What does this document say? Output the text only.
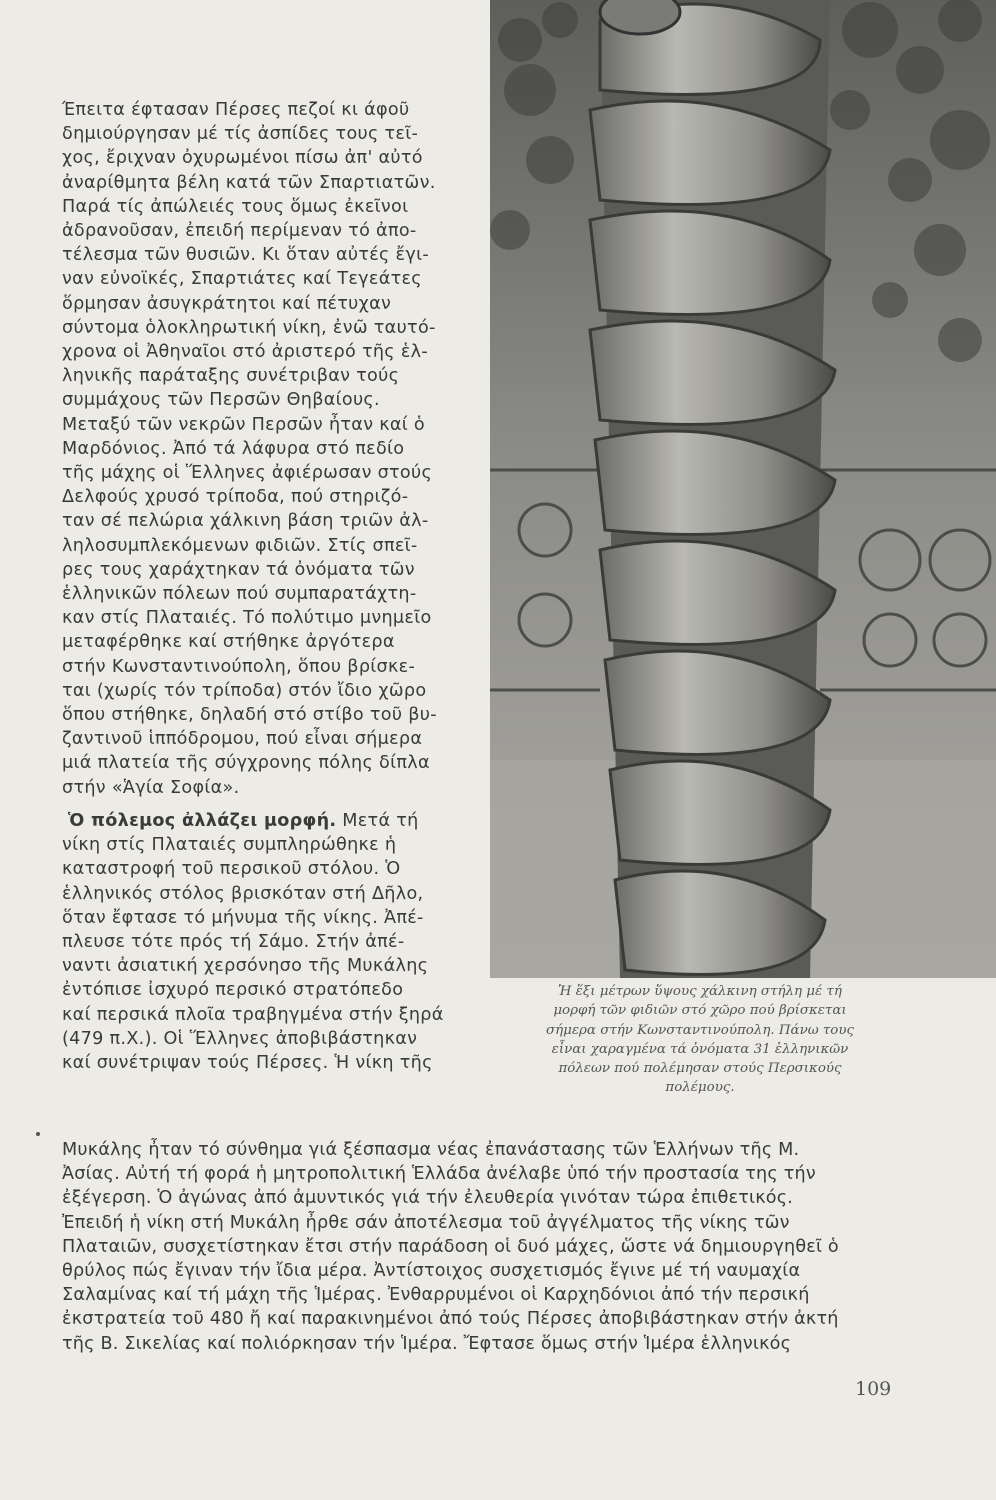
Έπειτα έφτασαν Πέρσες πεζοί κι άφοῦ
δημιούργησαν μέ τίς ἀσπίδες τους τεῖ-
χος, ἔριχναν ὀχυρωμένοι πίσω ἀπ' αὐτό
ἀναρίθμητα βέλη κατά τῶν Σπαρτιατῶν.
Παρά τίς ἀπώλειές τους ὅμως ἐκεῖνοι
ἀδρανοῦσαν, ἐπειδή περίμεναν τό ἀπο-
τέλεσμα τῶν θυσιῶν. Κι ὅταν αὐτές ἔγι-
ναν εὐνοϊκές, Σπαρτιάτες καί Τεγεάτες
ὅρμησαν ἀσυγκράτητοι καί πέτυχαν
σύντομα ὁλοκληρωτική νίκη, ἐνῶ ταυτό-
χρονα οἱ Ἀθηναῖοι στό ἀριστερό τῆς ἑλ-
ληνικῆς παράταξης συνέτριβαν τούς
συμμάχους τῶν Περσῶν Θηβαίους.
Μεταξύ τῶν νεκρῶν Περσῶν ἦταν καί ὁ
Μαρδόνιος. Ἀπό τά λάφυρα στό πεδίο
τῆς μάχης οἱ Ἕλληνες ἀφιέρωσαν στούς
Δελφούς χρυσό τρίποδα, πού στηριζό-
ταν σέ πελώρια χάλκινη βάση τριῶν ἀλ-
ληλοσυμπλεκόμενων φιδιῶν. Στίς σπεῖ-
ρες τους χαράχτηκαν τά ὀνόματα τῶν
ἑλληνικῶν πόλεων πού συμπαρατάχτη-
καν στίς Πλαταιές. Τό πολύτιμο μνημεῖο
μεταφέρθηκε καί στήθηκε ἀργότερα
στήν Κωνσταντινούπολη, ὅπου βρίσκε-
ται (χωρίς τόν τρίποδα) στόν ἴδιο χῶρο
ὅπου στήθηκε, δηλαδή στό στίβο τοῦ βυ-
ζαντινοῦ ἱππόδρομου, πού εἶναι σήμερα
μιά πλατεία τῆς σύγχρονης πόλης δίπλα
στήν «Ἁγία Σοφία».
Ὁ πόλεμος ἀλλάζει μορφή. Μετά τή
νίκη στίς Πλαταιές συμπληρώθηκε ἡ
καταστροφή τοῦ περσικοῦ στόλου. Ὁ
ἑλληνικός στόλος βρισκόταν στή Δῆλο,
ὅταν ἔφτασε τό μήνυμα τῆς νίκης. Ἀπέ-
πλευσε τότε πρός τή Σάμο. Στήν ἀπέ-
ναντι ἀσιατική χερσόνησο τῆς Μυκάλης
ἐντόπισε ἰσχυρό περσικό στρατόπεδο
καί περσικά πλοῖα τραβηγμένα στήν ξηρά
(479 π.Χ.). Οἱ Ἕλληνες ἀποβιβάστηκαν
καί συνέτριψαν τούς Πέρσες. Ἡ νίκη τῆς
Μυκάλης ἦταν τό σύνθημα γιά ξέσπασμα νέας ἐπανάστασης τῶν Ἑλλήνων τῆς Μ.
Ἀσίας. Αὐτή τή φορά ἡ μητροπολιτική Ἑλλάδα ἀνέλαβε ὑπό τήν προστασία της τήν
ἐξέγερση. Ὁ ἀγώνας ἀπό ἀμυντικός γιά τήν ἐλευθερία γινόταν τώρα ἐπιθετικός.
Ἐπειδή ἡ νίκη στή Μυκάλη ἦρθε σάν ἀποτέλεσμα τοῦ ἀγγέλματος τῆς νίκης τῶν
Πλαταιῶν, συσχετίστηκαν ἔτσι στήν παράδοση οἱ δυό μάχες, ὥστε νά δημιουργηθεῖ ὁ
θρύλος πώς ἔγιναν τήν ἴδια μέρα. Ἀντίστοιχος συσχετισμός ἔγινε μέ τή ναυμαχία
Σαλαμίνας καί τή μάχη τῆς Ἱμέρας. Ἐνθαρρυμένοι οἱ Καρχηδόνιοι ἀπό τήν περσική
ἐκστρατεία τοῦ 480 ἤ καί παρακινημένοι ἀπό τούς Πέρσες ἀποβιβάστηκαν στήν ἀκτή
τῆς Β. Σικελίας καί πολιόρκησαν τήν Ἱμέρα. Ἔφτασε ὅμως στήν Ἱμέρα ἑλληνικός
Ἡ ἕξι μέτρων ὕψους χάλκινη στήλη μέ τή
μορφή τῶν φιδιῶν στό χῶρο πού βρίσκεται
σήμερα στήν Κωνσταντινούπολη. Πάνω τους
εἶναι χαραγμένα τά ὀνόματα 31 ἑλληνικῶν
πόλεων πού πολέμησαν στούς Περσικούς
πολέμους.
109
